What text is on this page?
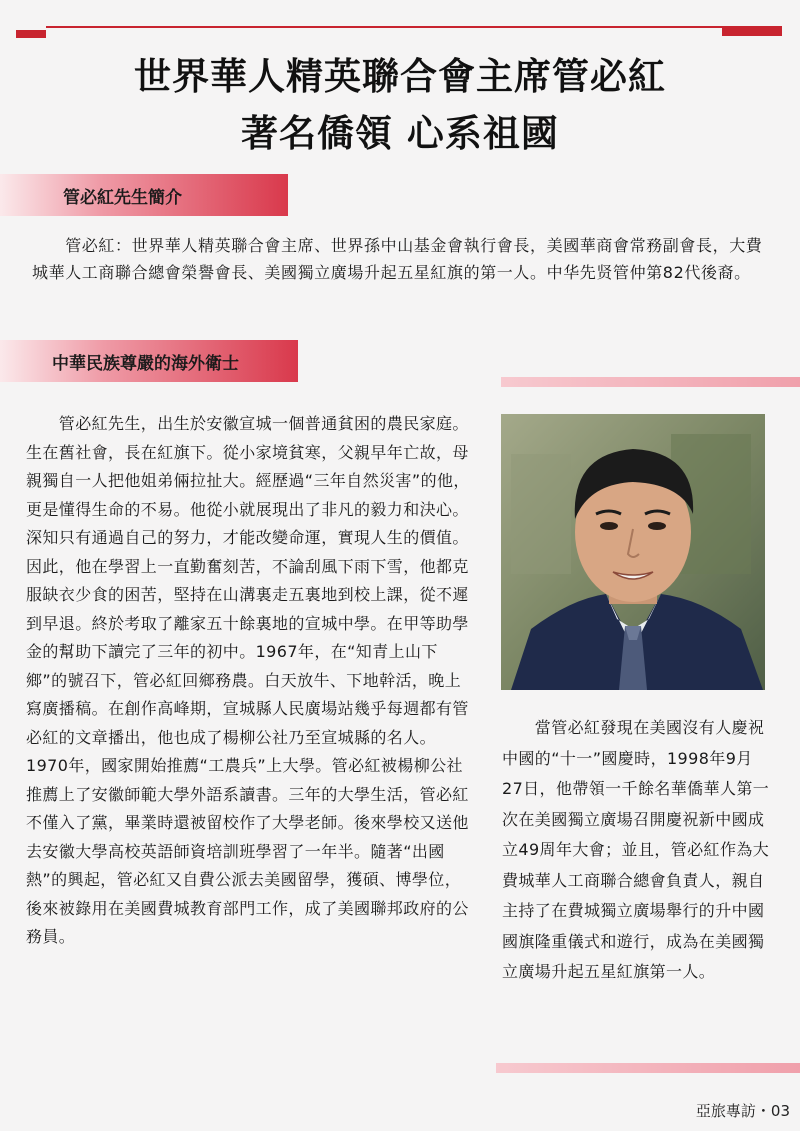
世界華人精英聯合會主席管必紅
著名僑領 心系祖國
管必紅先生簡介

　　管必紅：世界華人精英聯合會主席、世界孫中山基金會執行會長，美國華商會常務副會長，大費城華人工商聯合總會榮譽會長、美國獨立廣場升起五星紅旗的第一人。中华先贤管仲第82代後裔。

中華民族尊嚴的海外衛士

　　管必紅先生，出生於安徽宣城一個普通貧困的農民家庭。生在舊社會，長在紅旗下。從小家境貧寒，父親早年亡故，母親獨自一人把他姐弟倆拉扯大。經歷過“三年自然災害”的他，更是懂得生命的不易。他從小就展現出了非凡的毅力和決心。深知只有通過自己的努力，才能改變命運，實現人生的價值。因此，他在學習上一直勤奮刻苦，不論刮風下雨下雪，他都克服缺衣少食的困苦，堅持在山溝裏走五裏地到校上課，從不遲到早退。終於考取了離家五十餘裏地的宣城中學。在甲等助學金的幫助下讀完了三年的初中。1967年，在“知青上山下鄉”的號召下，管必紅回鄉務農。白天放牛、下地幹活，晚上寫廣播稿。在創作高峰期，宣城縣人民廣場站幾乎每週都有管必紅的文章播出，他也成了楊柳公社乃至宣城縣的名人。1970年，國家開始推薦“工農兵”上大學。管必紅被楊柳公社推薦上了安徽師範大學外語系讀書。三年的大學生活，管必紅不僅入了黨，畢業時還被留校作了大學老師。後來學校又送他去安徽大學高校英語師資培訓班學習了一年半。隨著“出國熱”的興起，管必紅又自費公派去美國留學，獲碩、博學位，後來被錄用在美國費城教育部門工作，成了美國聯邦政府的公務員。

　　當管必紅發現在美國沒有人慶祝中國的“十一”國慶時，1998年9月27日，他帶領一千餘名華僑華人第一次在美國獨立廣場召開慶祝新中國成立49周年大會；並且，管必紅作為大費城華人工商聯合總會負責人，親自主持了在費城獨立廣場舉行的升中國國旗隆重儀式和遊行，成為在美國獨立廣場升起五星紅旗第一人。

亞旅專訪・03
